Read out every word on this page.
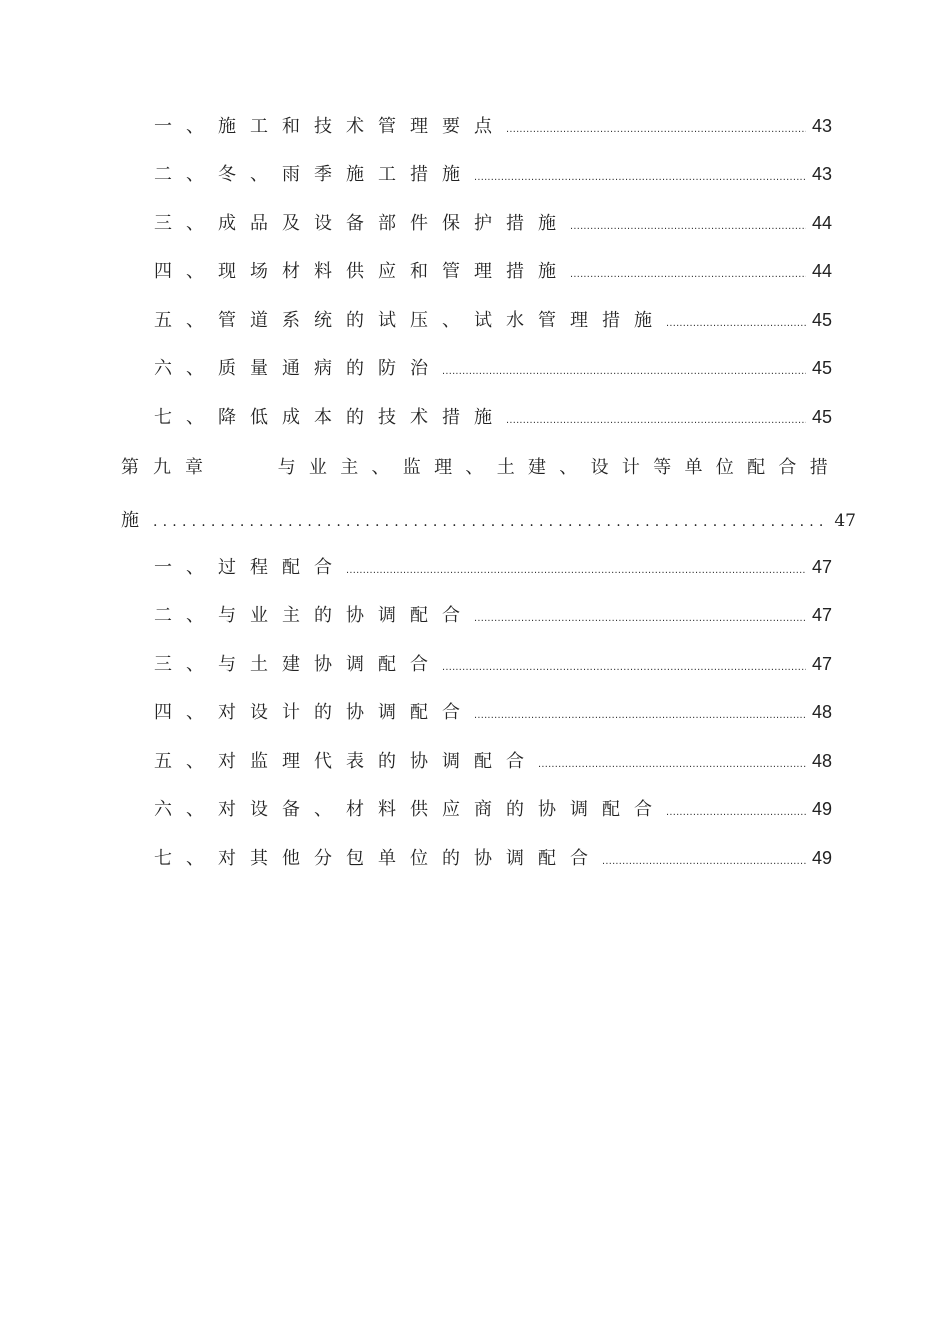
一、施工和技术管理要点 .....	43
二、冬、雨季施工措施 .....	43
三、成品及设备部件保护措施 .....	44
四、现场材料供应和管理措施 .....	44
五、管道系统的试压、试水管理措施 .....	45
六、质量通病的防治 .....	45
七、降低成本的技术措施 .....	45
第九章	与业主、监理、土建、设计等单位配合措
施 .....	47
一、过程配合 .....	47
二、与业主的协调配合 .....	47
三、与土建协调配合 .....	47
四、对设计的协调配合 .....	48
五、对监理代表的协调配合 .....	48
六、对设备、材料供应商的协调配合 .....	49
七、对其他分包单位的协调配合 .....	49
